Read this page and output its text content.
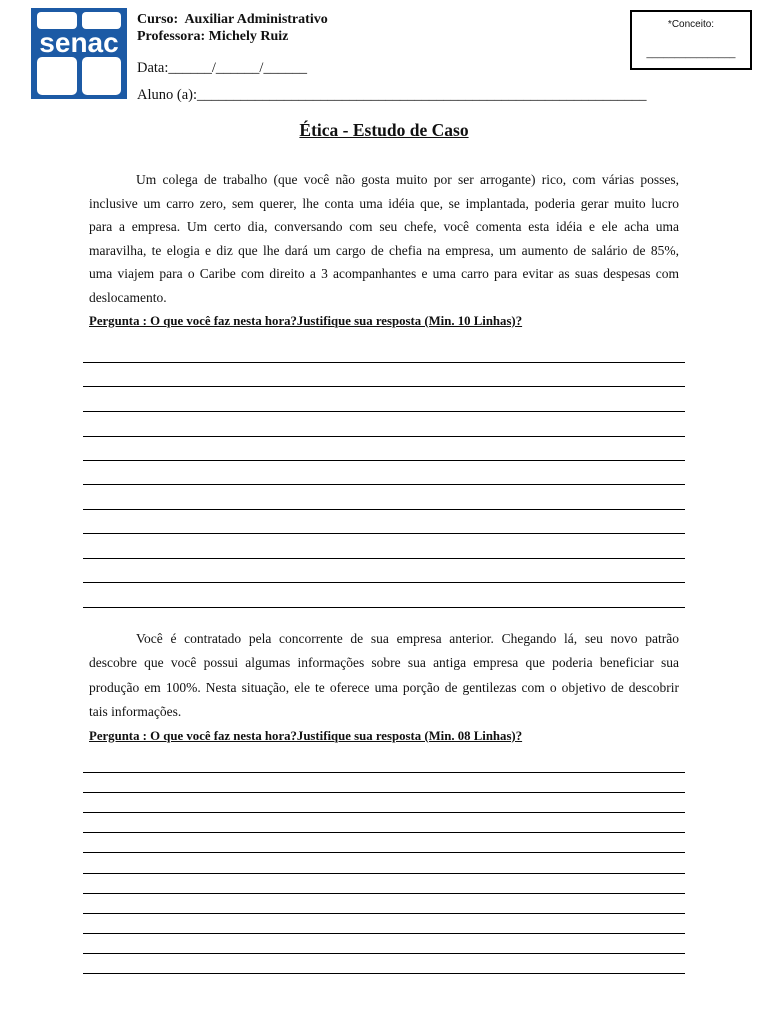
senac
Curso:  Auxiliar Administrativo
Professora: Michely Ruiz
Data:______/______/______
Aluno (a):______________________________________________________________
*Conceito:
________________
Ética - Estudo de Caso
Um colega de trabalho (que você não gosta muito por ser arrogante) rico, com várias posses,
inclusive um carro zero, sem querer, lhe conta uma idéia que, se implantada, poderia gerar muito lucro
para a empresa. Um certo dia, conversando com seu chefe, você comenta esta idéia e ele acha uma
maravilha, te elogia e diz que lhe dará um cargo de chefia na empresa, um aumento de salário de 85%,
uma viajem para o Caribe com direito a 3 acompanhantes e uma carro para evitar as suas despesas com
deslocamento.
Pergunta : O que você faz nesta hora?Justifique sua resposta (Min. 10 Linhas)?
Você é contratado pela concorrente de sua empresa anterior. Chegando lá, seu novo patrão
descobre que você possui algumas informações sobre sua antiga empresa que poderia beneficiar sua
produção em 100%. Nesta situação, ele te oferece uma porção de gentilezas com o objetivo de descobrir
tais informações.
Pergunta : O que você faz nesta hora?Justifique sua resposta (Min. 08 Linhas)?
